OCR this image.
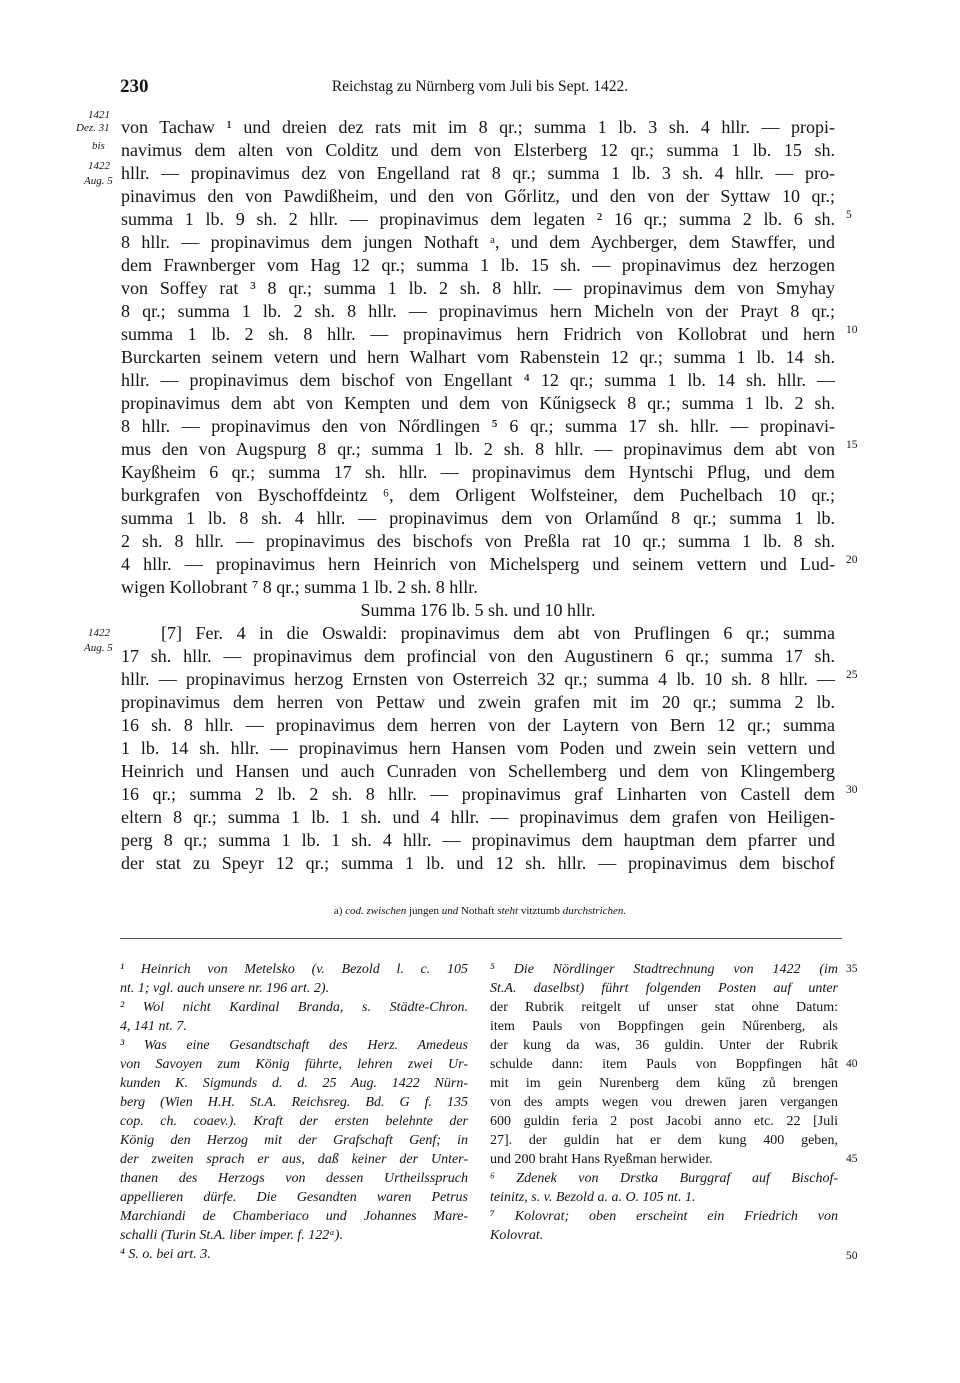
230	Reichstag zu Nürnberg vom Juli bis Sept. 1422.
1421
Dez. 31
bis
1422
Aug. 5
1422
Aug. 5
von Tachaw ¹ und dreien dez rats mit im 8 qr.; summa 1 lb. 3 sh. 4 hllr. — propi-
navimus dem alten von Colditz und dem von Elsterberg 12 qr.; summa 1 lb. 15 sh.
hllr. — propinavimus dez von Engelland rat 8 qr.; summa 1 lb. 3 sh. 4 hllr. — pro-
pinavimus den von Pawdißheim, und den von Gőrlitz, und den von der Syttaw 10 qr.;
summa 1 lb. 9 sh. 2 hllr. — propinavimus dem legaten ² 16 qr.; summa 2 lb. 6 sh.
8 hllr. — propinavimus dem jungen Nothaft ᵃ, und dem Aychberger, dem Stawffer, und
dem Frawnberger vom Hag 12 qr.; summa 1 lb. 15 sh. — propinavimus dez herzogen
von Soffey rat ³ 8 qr.; summa 1 lb. 2 sh. 8 hllr. — propinavimus dem von Smyhay
8 qr.; summa 1 lb. 2 sh. 8 hllr. — propinavimus hern Micheln von der Prayt 8 qr.;
summa 1 lb. 2 sh. 8 hllr. — propinavimus hern Fridrich von Kollobrat und hern
Burckarten seinem vetern und hern Walhart vom Rabenstein 12 qr.; summa 1 lb. 14 sh.
hllr. — propinavimus dem bischof von Engellant ⁴ 12 qr.; summa 1 lb. 14 sh. hllr. —
propinavimus dem abt von Kempten und dem von Kűnigseck 8 qr.; summa 1 lb. 2 sh.
8 hllr. — propinavimus den von Nőrdlingen ⁵ 6 qr.; summa 17 sh. hllr. — propinavi-
mus den von Augspurg 8 qr.; summa 1 lb. 2 sh. 8 hllr. — propinavimus dem abt von
Kayßheim 6 qr.; summa 17 sh. hllr. — propinavimus dem Hyntschi Pflug, und dem
burkgrafen von Byschoffdeintz ⁶, dem Orligent Wolfsteiner, dem Puchelbach 10 qr.;
summa 1 lb. 8 sh. 4 hllr. — propinavimus dem von Orlaműnd 8 qr.; summa 1 lb.
2 sh. 8 hllr. — propinavimus des bischofs von Preßla rat 10 qr.; summa 1 lb. 8 sh.
4 hllr. — propinavimus hern Heinrich von Michelsperg und seinem vettern und Lud-
wigen Kollobrant ⁷ 8 qr.; summa 1 lb. 2 sh. 8 hllr.
Summa 176 lb. 5 sh. und 10 hllr.
[7] Fer. 4 in die Oswaldi: propinavimus dem abt von Pruflingen 6 qr.; summa
17 sh. hllr. — propinavimus dem profincial von den Augustinern 6 qr.; summa 17 sh.
hllr. — propinavimus herzog Ernsten von Osterreich 32 qr.; summa 4 lb. 10 sh. 8 hllr. —
propinavimus dem herren von Pettaw und zwein grafen mit im 20 qr.; summa 2 lb.
16 sh. 8 hllr. — propinavimus dem herren von der Laytern von Bern 12 qr.; summa
1 lb. 14 sh. hllr. — propinavimus hern Hansen vom Poden und zwein sein vettern und
Heinrich und Hansen und auch Cunraden von Schellemberg und dem von Klingemberg
16 qr.; summa 2 lb. 2 sh. 8 hllr. — propinavimus graf Linharten von Castell dem
eltern 8 qr.; summa 1 lb. 1 sh. und 4 hllr. — propinavimus dem grafen von Heiligen-
perg 8 qr.; summa 1 lb. 1 sh. 4 hllr. — propinavimus dem hauptman dem pfarrer und
der stat zu Speyr 12 qr.; summa 1 lb. und 12 sh. hllr. — propinavimus dem bischof
5
10
15
20
25
30
35
40
45
50
a) cod. zwischen jungen und Nothaft steht vitztumb durchstrichen.
¹ Heinrich von Metelsko (v. Bezold l. c. 105
nt. 1; vgl. auch unsere nr. 196 art. 2).
² Wol nicht Kardinal Branda, s. Städte-Chron.
4, 141 nt. 7.
³ Was eine Gesandtschaft des Herz. Amedeus
von Savoyen zum König führte, lehren zwei Ur-
kunden K. Sigmunds d. d. 25 Aug. 1422 Nürn-
berg (Wien H.H. St.A. Reichsreg. Bd. G f. 135
cop. ch. coaev.). Kraft der ersten belehnte der
König den Herzog mit der Grafschaft Genf; in
der zweiten sprach er aus, daß keiner der Unter-
thanen des Herzogs von dessen Urtheilsspruch
appellieren dürfe. Die Gesandten waren Petrus
Marchiandi de Chamberiaco und Johannes Mare-
schalli (Turin St.A. liber imper. f. 122ᵃ).
⁴ S. o. bei art. 3.
⁵ Die Nördlinger Stadtrechnung von 1422 (im
St.A. daselbst) führt folgenden Posten auf unter
der Rubrik reitgelt uf unser stat ohne Datum:
item Pauls von Boppfingen gein Nűrenberg, als
der kung da was, 36 guldin. Unter der Rubrik
schulde dann: item Pauls von Boppfingen hât
mit im gein Nurenberg dem kűng zů brengen
von des ampts wegen vou drewen jaren vergangen
600 guldin feria 2 post Jacobi anno etc. 22 [Juli
27]. der guldin hat er dem kung 400 geben,
und 200 braht Hans Ryeßman herwider.
⁶ Zdenek von Drstka Burggraf auf Bischof-
teinitz, s. v. Bezold a. a. O. 105 nt. 1.
⁷ Kolovrat; oben erscheint ein Friedrich von
Kolovrat.
